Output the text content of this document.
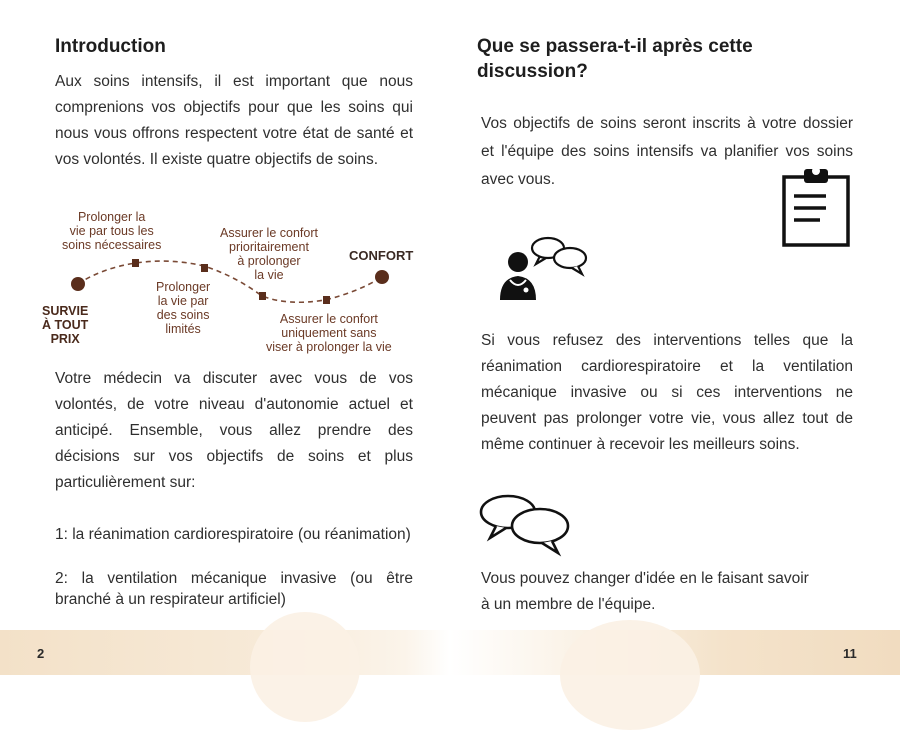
Introduction

Aux soins intensifs, il est important que nous comprenions vos objectifs pour que les soins qui nous vous offrons respectent votre état de santé et vos volontés. Il existe quatre objectifs de soins.

SURVIE
À TOUT
PRIX
Prolonger la
vie par tous les
soins nécessaires
Prolonger
la vie par
des soins
limités
Assurer le confort
prioritairement
à prolonger
la vie
Assurer le confort
uniquement sans
viser à prolonger la vie
CONFORT

Votre médecin va discuter avec vous de vos volontés, de votre niveau d'autonomie actuel et anticipé. Ensemble, vous allez prendre des décisions sur vos objectifs de soins et plus particulièrement sur:

1: la réanimation cardiorespiratoire (ou réanimation)

2: la ventilation mécanique invasive (ou être branché à un respirateur artificiel)

Que se passera-t-il après cette discussion?

Vos objectifs de soins seront inscrits à votre dossier et l'équipe des soins intensifs va planifier vos soins avec vous.

Si vous refusez des interventions telles que la réanimation cardiorespiratoire et la ventilation mécanique invasive ou si ces interventions ne peuvent pas prolonger votre vie, vous allez tout de même continuer à recevoir les meilleurs soins.

Vous pouvez changer d'idée en le faisant savoir à un membre de l'équipe.

2	11
